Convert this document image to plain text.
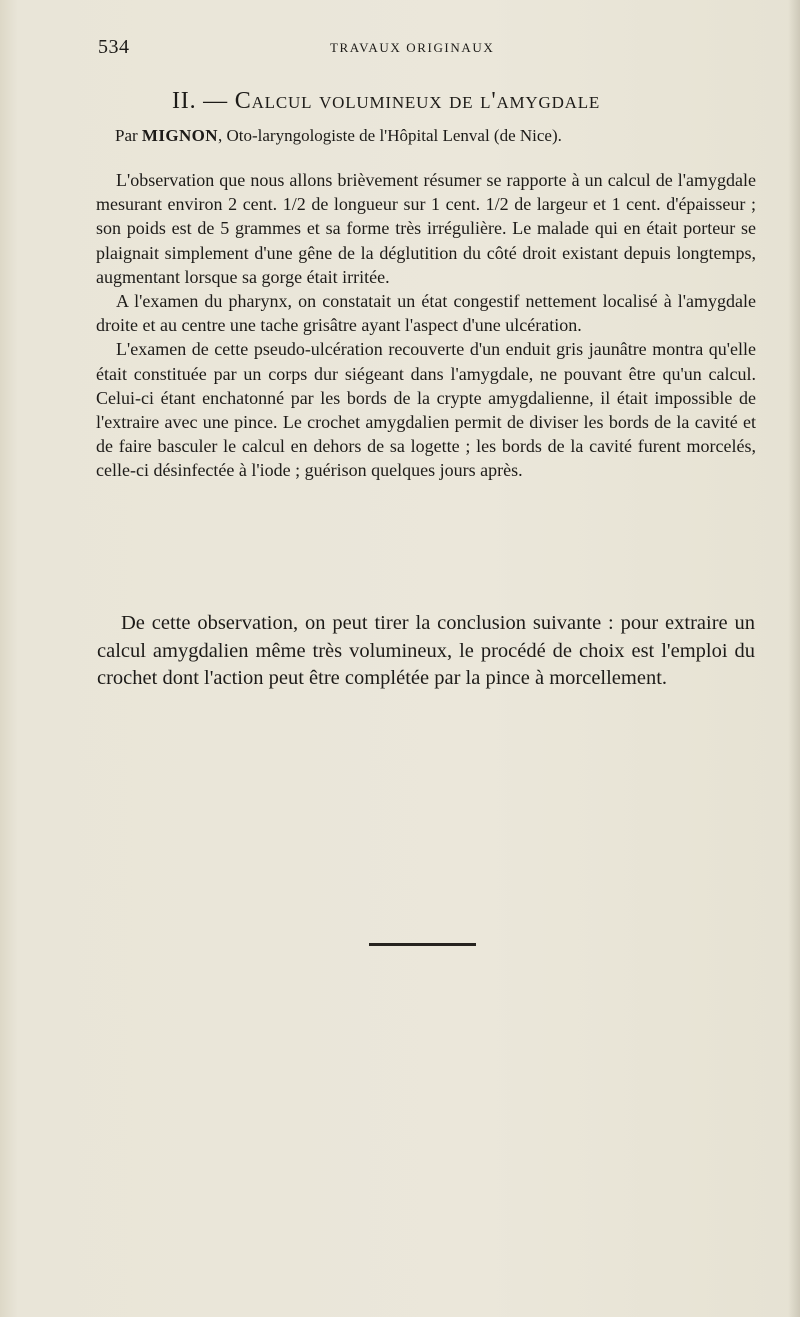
534	TRAVAUX ORIGINAUX
II. — Calcul volumineux de l'amygdale
Par MIGNON, Oto-laryngologiste de l'Hôpital Lenval (de Nice).

L'observation que nous allons brièvement résumer se rapporte à un calcul de l'amygdale mesurant environ 2 cent. 1/2 de longueur sur 1 cent. 1/2 de largeur et 1 cent. d'épaisseur ; son poids est de 5 grammes et sa forme très irrégulière. Le malade qui en était porteur se plaignait simplement d'une gêne de la déglutition du côté droit existant depuis longtemps, augmentant lorsque sa gorge était irritée.

A l'examen du pharynx, on constatait un état congestif nettement localisé à l'amygdale droite et au centre une tache grisâtre ayant l'aspect d'une ulcération.

L'examen de cette pseudo-ulcération recouverte d'un enduit gris jaunâtre montra qu'elle était constituée par un corps dur siégeant dans l'amygdale, ne pouvant être qu'un calcul. Celui-ci étant enchatonné par les bords de la crypte amygdalienne, il était impossible de l'extraire avec une pince. Le crochet amygdalien permit de diviser les bords de la cavité et de faire basculer le calcul en dehors de sa logette ; les bords de la cavité furent morcelés, celle-ci désinfectée à l'iode ; guérison quelques jours après.

De cette observation, on peut tirer la conclusion suivante : pour extraire un calcul amygdalien même très volumineux, le procédé de choix est l'emploi du crochet dont l'action peut être complétée par la pince à morcellement.
